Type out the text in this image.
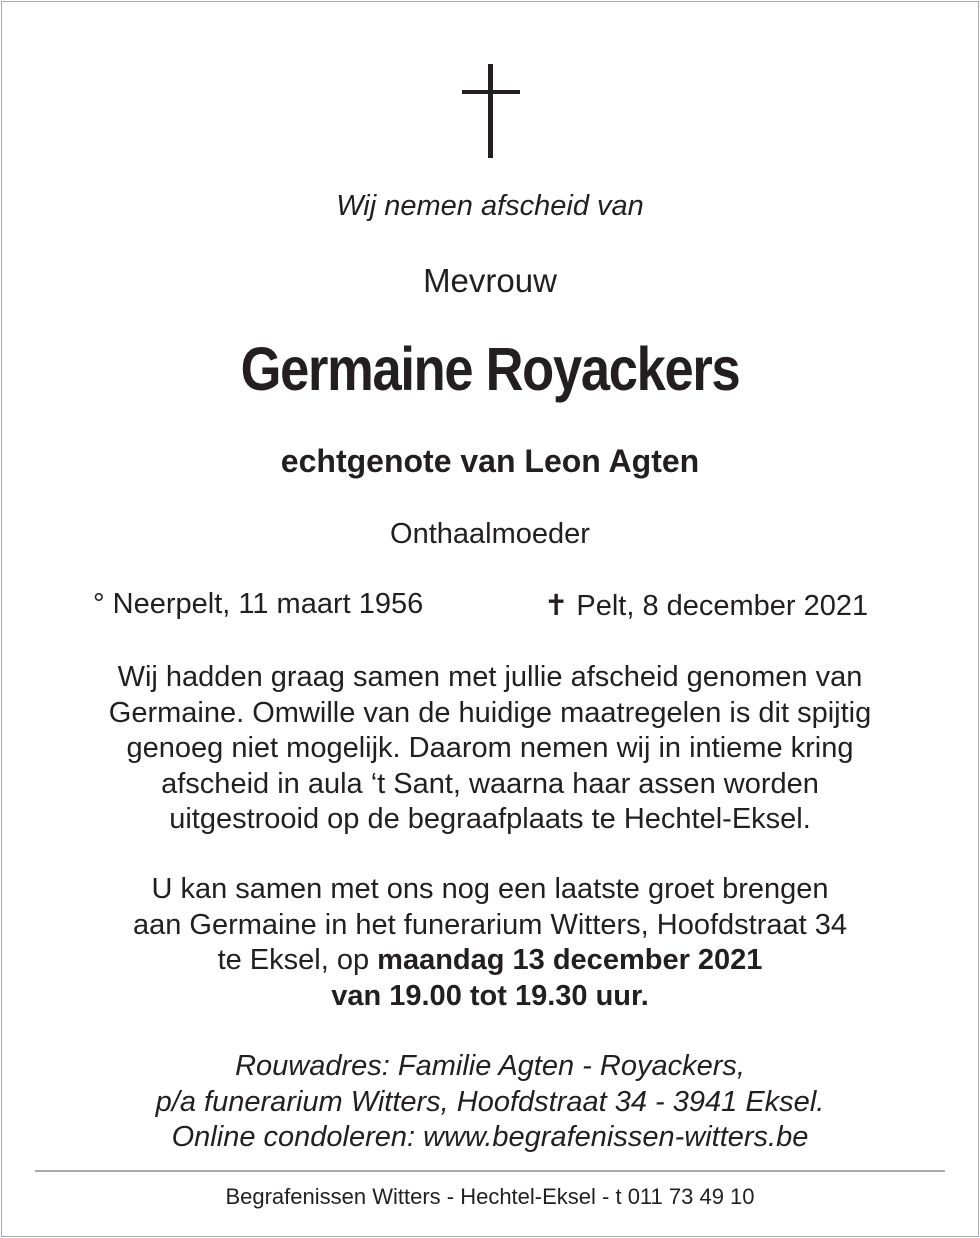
Wij nemen afscheid van
Mevrouw
Germaine Royackers
echtgenote van Leon Agten
Onthaalmoeder
° Neerpelt, 11 maart 1956	✝ Pelt, 8 december 2021
Wij hadden graag samen met jullie afscheid genomen van
Germaine. Omwille van de huidige maatregelen is dit spijtig
genoeg niet mogelijk. Daarom nemen wij in intieme kring
afscheid in aula ‘t Sant, waarna haar assen worden
uitgestrooid op de begraafplaats te Hechtel-Eksel.
U kan samen met ons nog een laatste groet brengen
aan Germaine in het funerarium Witters, Hoofdstraat 34
te Eksel, op maandag 13 december 2021
van 19.00 tot 19.30 uur.
Rouwadres: Familie Agten - Royackers,
p/a funerarium Witters, Hoofdstraat 34 - 3941 Eksel.
Online condoleren: www.begrafenissen-witters.be
Begrafenissen Witters - Hechtel-Eksel - t 011 73 49 10
